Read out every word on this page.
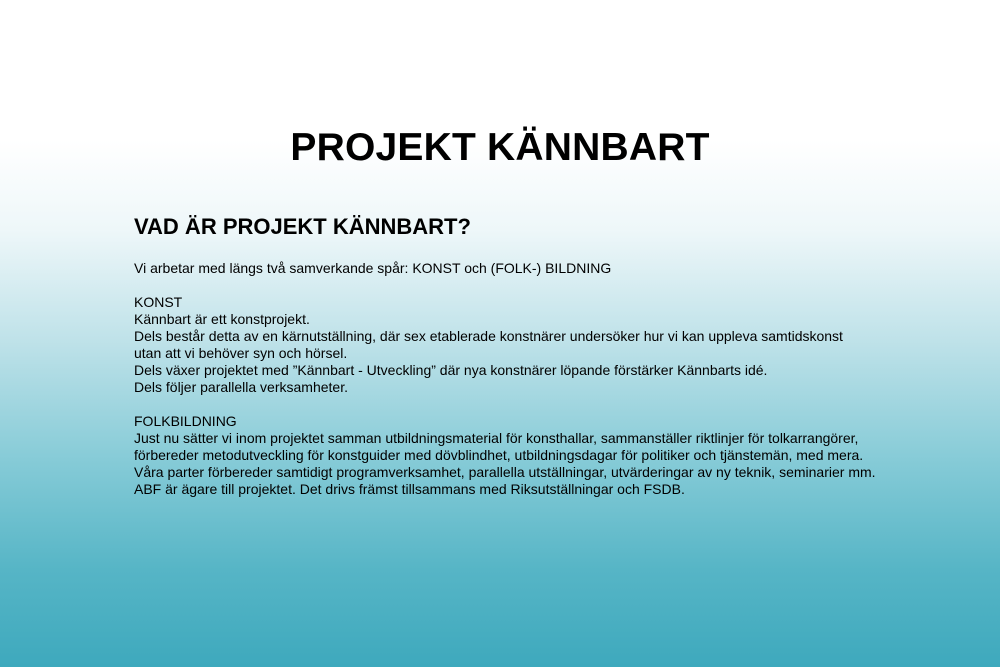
PROJEKT KÄNNBART
VAD ÄR PROJEKT KÄNNBART?
Vi arbetar med längs två samverkande spår: KONST och (FOLK-) BILDNING
KONST
Kännbart är ett konstprojekt.
Dels består detta av en kärnutställning, där sex etablerade konstnärer undersöker hur vi kan uppleva samtidskonst
utan att vi behöver syn och hörsel.
Dels växer projektet med ”Kännbart - Utveckling” där nya konstnärer löpande förstärker Kännbarts idé.
Dels följer parallella verksamheter.
FOLKBILDNING
Just nu sätter vi inom projektet samman utbildningsmaterial för konsthallar, sammanställer riktlinjer för tolkarrangörer,
förbereder metodutveckling för konstguider med dövblindhet, utbildningsdagar för politiker och tjänstemän, med mera.
Våra parter förbereder samtidigt programverksamhet, parallella utställningar, utvärderingar av ny teknik, seminarier mm.
ABF är ägare till projektet. Det drivs främst tillsammans med Riksutställningar och FSDB.
